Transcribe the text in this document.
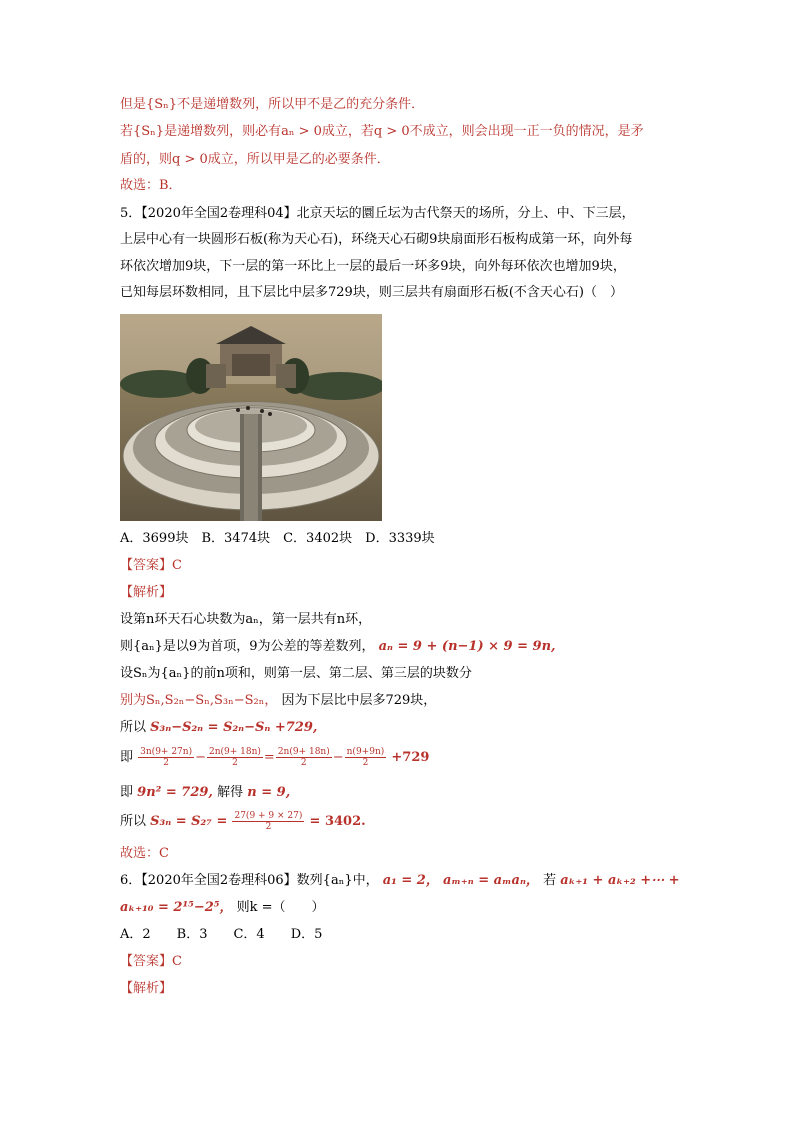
但是{Sₙ}不是递增数列，所以甲不是乙的充分条件．
若{Sₙ}是递增数列，则必有aₙ > 0成立，若q > 0不成立，则会出现一正一负的情况，是矛
盾的，则q > 0成立，所以甲是乙的必要条件．
故选：B．
5．【2020年全国2卷理科04】北京天坛的圜丘坛为古代祭天的场所，分上、中、下三层，
上层中心有一块圆形石板(称为天心石)，环绕天心石砌9块扇面形石板构成第一环，向外每
环依次增加9块，下一层的第一环比上一层的最后一环多9块，向外每环依次也增加9块，
已知每层环数相同，且下层比中层多729块，则三层共有扇面形石板(不含天心石)（　）
A．3699块　B．3474块　C．3402块　D．3339块
【答案】C
【解析】
设第n环天石心块数为aₙ，第一层共有n环，
则{aₙ}是以9为首项，9为公差的等差数列， aₙ = 9 + (n−1) × 9 = 9n,
设Sₙ为{aₙ}的前n项和，则第一层、第二层、第三层的块数分
别为Sₙ,S₂ₙ−Sₙ,S₃ₙ−S₂ₙ， 因为下层比中层多729块，
所以 S₃ₙ−S₂ₙ = S₂ₙ−Sₙ +729,
即 $\frac{3n(9+ 27n)}{2} - \frac{2n(9+ 18n)}{2} = \frac{2n(9+ 18n)}{2} - \frac{n(9+9n)}{2} +729$
即 9n² = 729, 解得 n = 9,
所以 $S_{3n} = S_{27} = \frac{27(9 + 9 \times 27)}{2} = 3402$.
故选：C
6．【2020年全国2卷理科06】数列{aₙ}中， a₁ = 2， aₘ₊ₙ = aₘaₙ， 若 aₖ₊₁ + aₖ₊₂ +⋯ +
aₖ₊₁₀ = 2¹⁵−2⁵， 则k =（　　）
A．2　　B．3　　C．4　　D．5
【答案】C
【解析】
